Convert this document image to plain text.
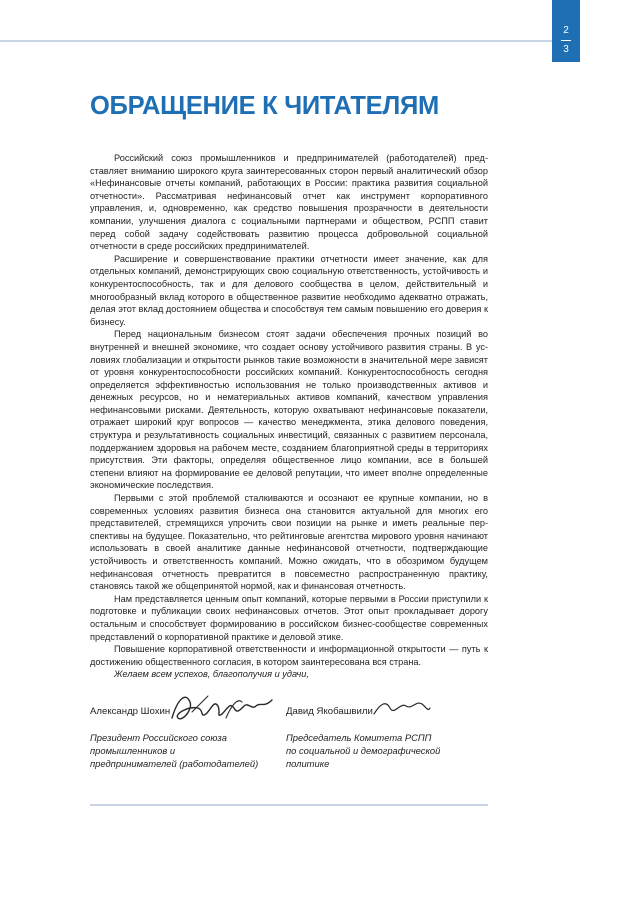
2
3
ОБРАЩЕНИЕ К ЧИТАТЕЛЯМ

Российский союз промышленников и предпринимателей (работодателей) представляет вниманию широкого круга заинтересованных сторон первый аналитический обзор «Нефинансовые отчеты компаний, работающих в России: практика развития социальной отчетности». Рассматривая нефинансовый отчет как инструмент корпоративного управления, и, одновременно, как средство повышения прозрачности в деятельности компании, улучшения диалога с социальными партнерами и обществом, РСПП ставит перед собой задачу содействовать развитию процесса добровольной социальной отчетности в среде российских предпринимателей.

Расширение и совершенствование практики отчетности имеет значение, как для отдельных компаний, демонстрирующих свою социальную ответственность, устойчивость и конкурентоспособность, так и для делового сообщества в целом, действительный и многообразный вклад которого в общественное развитие необходимо адекватно отражать, делая этот вклад достоянием общества и способствуя тем самым повышению его доверия к бизнесу.

Перед национальным бизнесом стоят задачи обеспечения прочных позиций во внутренней и внешней экономике, что создает основу устойчивого развития страны. В условиях глобализации и открытости рынков такие возможности в значительной мере зависят от уровня конкурентоспособности российских компаний. Конкурентоспособность сегодня определяется эффективностью использования не только производственных активов и денежных ресурсов, но и нематериальных активов компаний, качеством управления нефинансовыми рисками. Деятельность, которую охватывают нефинансовые показатели, отражает широкий круг вопросов — качество менеджмента, этика делового поведения, структура и результативность социальных инвестиций, связанных с развитием персонала, поддержанием здоровья на рабочем месте, созданием благоприятной среды в территориях присутствия. Эти факторы, определяя общественное лицо компании, все в большей степени влияют на формирование ее деловой репутации, что имеет вполне определенные экономические последствия.

Первыми с этой проблемой сталкиваются и осознают ее крупные компании, но в современных условиях развития бизнеса она становится актуальной для многих его представителей, стремящихся упрочить свои позиции на рынке и иметь реальные перспективы на будущее. Показательно, что рейтинговые агентства мирового уровня начинают использовать в своей аналитике данные нефинансовой отчетности, подтверждающие устойчивость и ответственность компаний. Можно ожидать, что в обозримом будущем нефинансовая отчетность превратится в повсеместно распространенную практику, становясь такой же общепринятой нормой, как и финансовая отчетность.

Нам представляется ценным опыт компаний, которые первыми в России приступили к подготовке и публикации своих нефинансовых отчетов. Этот опыт прокладывает дорогу остальным и способствует формированию в российском бизнес-сообществе современных представлений о корпоративной практике и деловой этике.

Повышение корпоративной ответственности и информационной открытости — путь к достижению общественного согласия, в котором заинтересована вся страна.

Желаем всем успехов, благополучия и удачи,

Александр Шохин	Давид Якобашвили
Президент Российского союза
промышленников и
предпринимателей (работодателей)
Председатель Комитета РСПП
по социальной и демографической
политике
